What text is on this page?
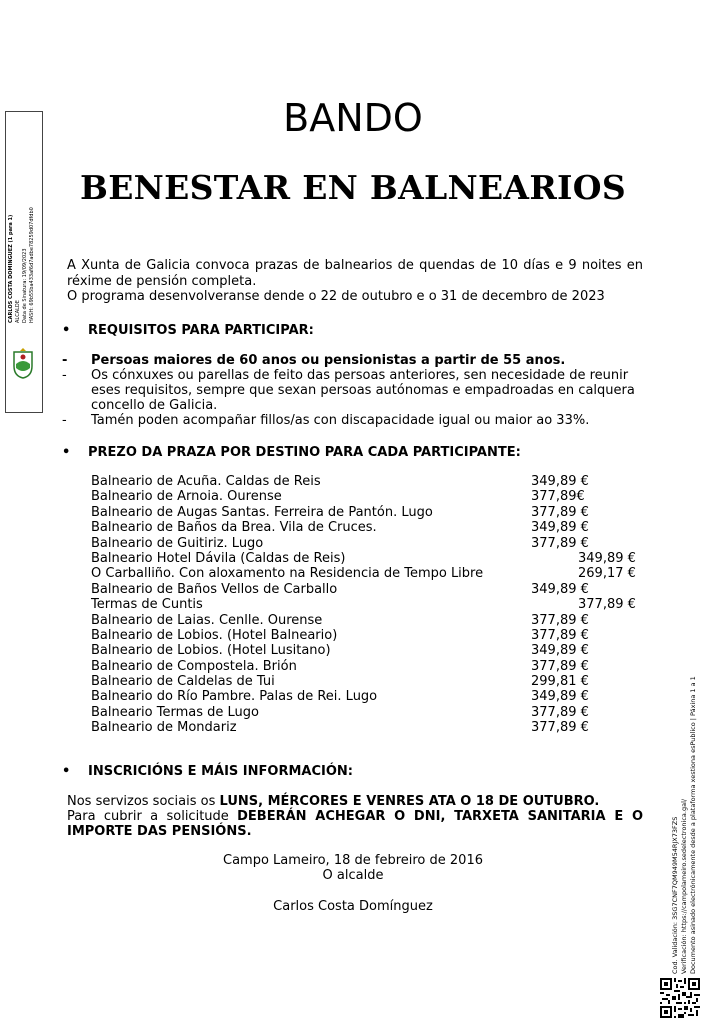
BANDO
BENESTAR EN BALNEARIOS
A Xunta de Galicia convoca prazas de balnearios de quendas de 10 días e 9 noites en réxime de pensión completa.
O programa desenvolveranse dende o 22 de outubro e o 31 de decembro de 2023
• REQUISITOS PARA PARTICIPAR:
-	Persoas maiores de 60 anos ou pensionistas a partir de 55 anos.
-	Os cónxuxes ou parellas de feito das persoas anteriores, sen necesidade de reunir eses requisitos, sempre que sexan persoas autónomas e empadroadas en calquera concello de Galicia.
-	Tamén poden acompañar fillos/as con discapacidade igual ou maior ao 33%.
• PREZO DA PRAZA POR DESTINO PARA CADA PARTICIPANTE:
Balneario de Acuña. Caldas de Reis	349,89 €
Balneario de Arnoia. Ourense	377,89€
Balneario de Augas Santas. Ferreira de Pantón. Lugo	377,89 €
Balneario de Baños da Brea. Vila de Cruces.	349,89 €
Balneario de Guitiriz. Lugo	377,89 €
Balneario Hotel Dávila (Caldas de Reis)	349,89 €
O Carballiño. Con aloxamento na Residencia de Tempo Libre	269,17 €
Balneario de Baños Vellos de Carballo	349,89 €
Termas de Cuntis	377,89 €
Balneario de Laias. Cenlle. Ourense	377,89 €
Balneario de Lobios. (Hotel Balneario)	377,89 €
Balneario de Lobios. (Hotel Lusitano)	349,89 €
Balneario de Compostela. Brión	377,89 €
Balneario de Caldelas de Tui	299,81 €
Balneario do Río Pambre. Palas de Rei. Lugo	349,89 €
Balneario Termas de Lugo	377,89 €
Balneario de Mondariz	377,89 €
• INSCRICIÓNS E MÁIS INFORMACIÓN:
Nos servizos sociais os LUNS, MÉRCORES E VENRES ATA O 18 DE OUTUBRO.
Para cubrir a solicitude DEBERÁN ACHEGAR O DNI, TARXETA SANITARIA E O IMPORTE DAS PENSIÓNS.
Campo Lameiro, 18 de febreiro de 2016
O alcalde
Carlos Costa Domínguez
CARLOS COSTA DOMINGUEZ (1 para 1) ALCALDE Data de Sinatura: 19/09/2023 HASH: 69b55ba433af6d7adbe78259d07dfdb0
Cod. Validación: 3SG7CNF7QM949M54RJX73FZS Verificación: https://campolameiro.sedelectronica.gal/ Documento asinado electrónicamente desde a plataforma xestiona esPublico | Páxina 1 a 1
